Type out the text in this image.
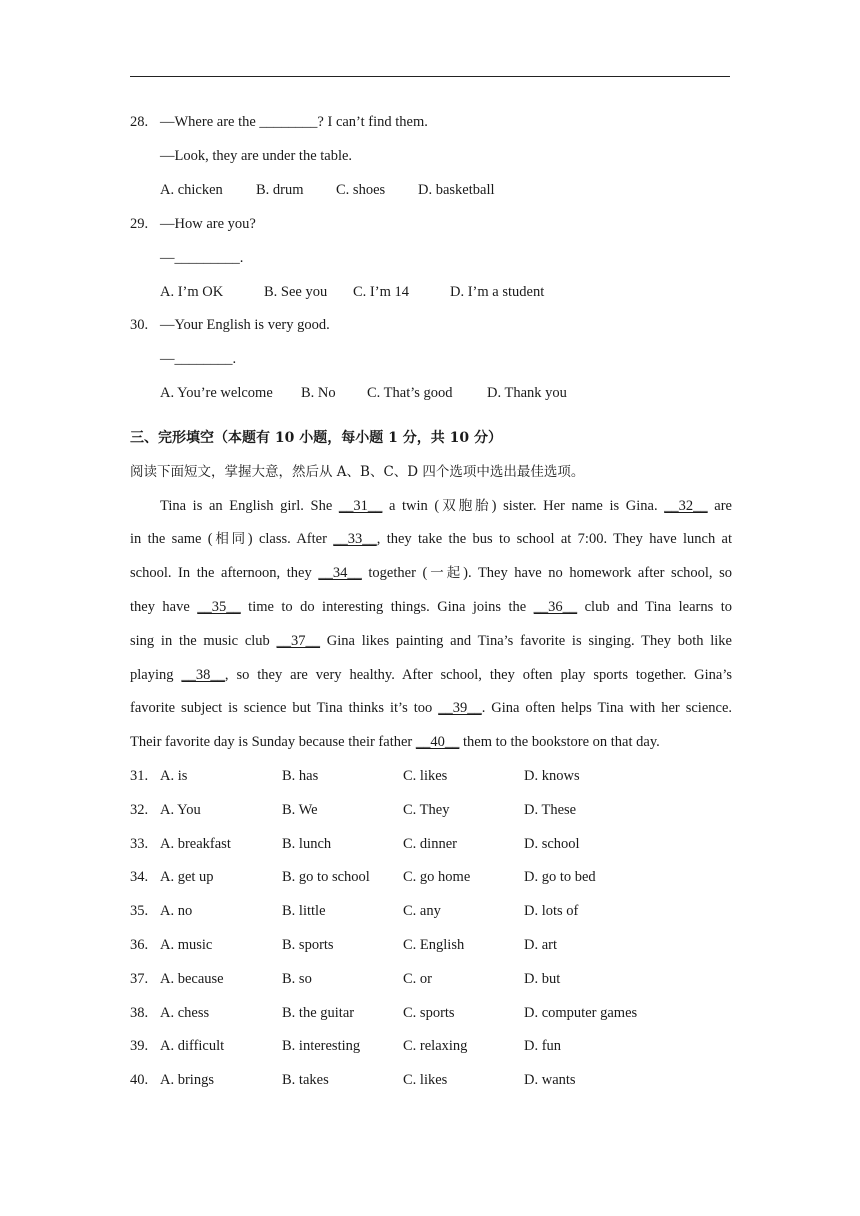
28. —Where are the ________? I can’t find them.
—Look, they are under the table.
A. chicken B. drum C. shoes D. basketball
29. —How are you?
—_________.
A. I’m OK	B. See you C. I’m 14	D. I’m a student
30. —Your English is very good.
—________.
A. You’re welcome B. No C. That’s good D. Thank you
三、完形填空（本题有 10 小题，每小题 1 分，共 10 分）
阅读下面短文，掌握大意，然后从 A、B、C、D 四个选项中选出最佳选项。
Tina is an English girl. She __31__ a twin (双胞胎) sister. Her name is Gina. __32__ are
in the same (相同) class. After __33__, they take the bus to school at 7:00. They have lunch at
school. In the afternoon, they __34__ together (一起). They have no homework after school, so
they have __35__ time to do interesting things. Gina joins the __36__ club and Tina learns to
sing in the music club __37__ Gina likes painting and Tina’s favorite is singing. They both like
playing __38__, so they are very healthy. After school, they often play sports together. Gina’s
favorite subject is science but Tina thinks it’s too __39__. Gina often helps Tina with her science.
Their favorite day is Sunday because their father __40__ them to the bookstore on that day.
31. A. is	B. has	C. likes	D. knows
32. A. You	B. We	C. They	D. These
33. A. breakfast	B. lunch	C. dinner	D. school
34. A. get up	B. go to school C. go home	D. go to bed
35. A. no	B. little	C. any	D. lots of
36. A. music	B. sports	C. English	D. art
37. A. because	B. so	C. or	D. but
38. A. chess	B. the guitar	C. sports	D. computer games
39. A. difficult	B. interesting	C. relaxing	D. fun
40. A. brings	B. takes	C. likes	D. wants
